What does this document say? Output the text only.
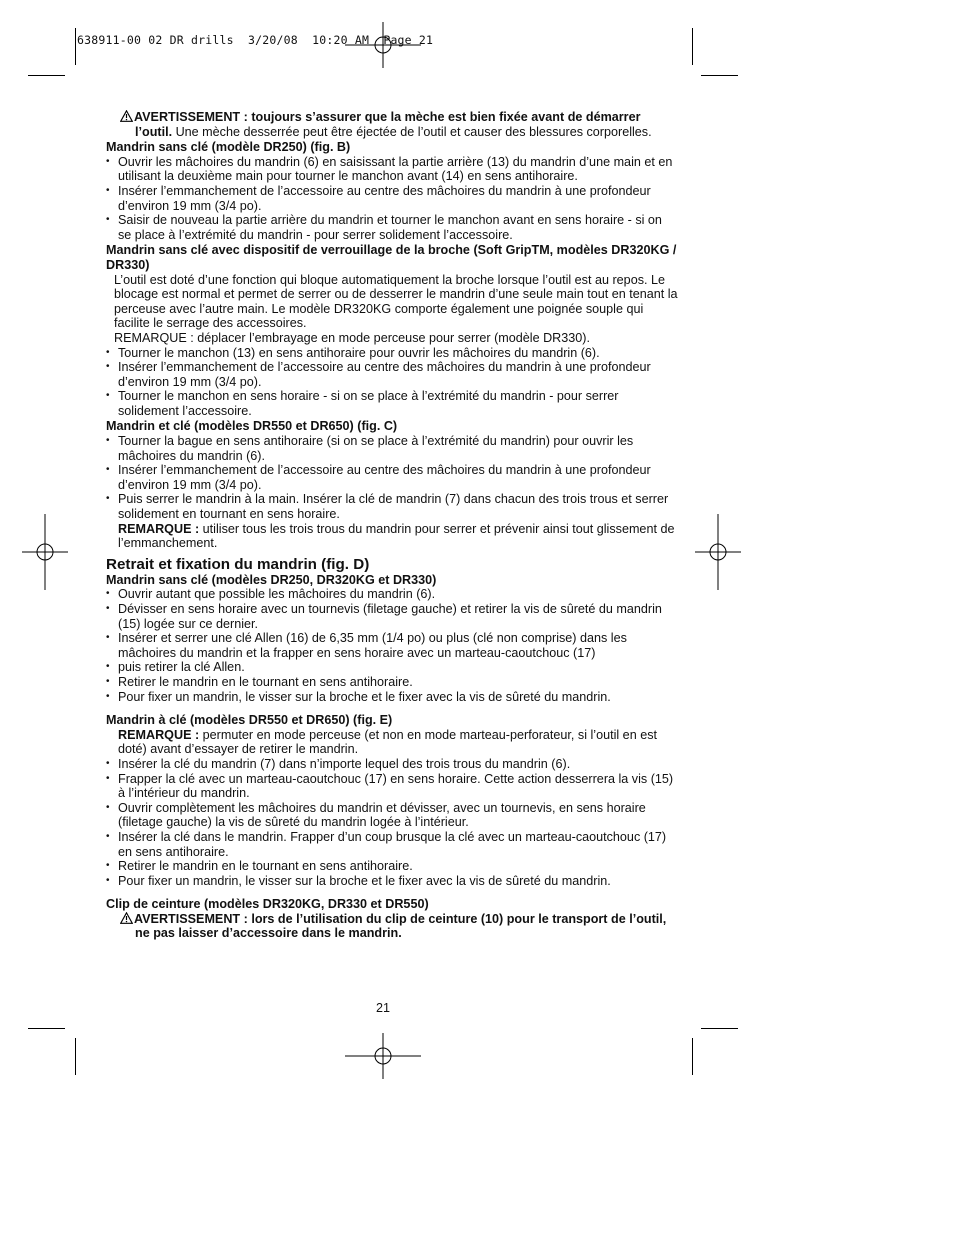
638911-00 02 DR drills  3/20/08  10:20 AM  Page 21

AVERTISSEMENT : toujours s’assurer que la mèche est bien fixée avant de démarrer l’outil. Une mèche desserrée peut être éjectée de l’outil et causer des blessures corporelles.

Mandrin sans clé (modèle DR250) (fig. B)

• Ouvrir les mâchoires du mandrin (6) en saisissant la partie arrière (13) du mandrin d’une main et en utilisant la deuxième main pour tourner le manchon avant (14) en sens antihoraire.
• Insérer l’emmanchement de l’accessoire au centre des mâchoires du mandrin à une profondeur d’environ 19 mm (3/4 po).
• Saisir de nouveau la partie arrière du mandrin et tourner le manchon avant en sens horaire - si on se place à l’extrémité du mandrin - pour serrer solidement l’accessoire.

Mandrin sans clé avec dispositif de verrouillage de la broche (Soft GripTM, modèles DR320KG / DR330)

L’outil est doté d’une fonction qui bloque automatiquement la broche lorsque l’outil est au repos. Le blocage est normal et permet de serrer ou de desserrer le mandrin d’une seule main tout en tenant la perceuse avec l’autre main. Le modèle DR320KG comporte également une poignée souple qui facilite le serrage des accessoires.

REMARQUE : déplacer l’embrayage en mode perceuse pour serrer (modèle DR330).

• Tourner le manchon (13) en sens antihoraire pour ouvrir les mâchoires du mandrin (6).
• Insérer l’emmanchement de l’accessoire au centre des mâchoires du mandrin à une profondeur d’environ 19 mm (3/4 po).
• Tourner le manchon en sens horaire - si on se place à l’extrémité du mandrin - pour serrer solidement l’accessoire.

Mandrin et clé (modèles DR550 et DR650) (fig. C)

• Tourner la bague en sens antihoraire (si on se place à l’extrémité du mandrin) pour ouvrir les mâchoires du mandrin (6).
• Insérer l’emmanchement de l’accessoire au centre des mâchoires du mandrin à une profondeur d’environ 19 mm (3/4 po).
• Puis serrer le mandrin à la main. Insérer la clé de mandrin (7) dans chacun des trois trous et serrer solidement en tournant en sens horaire.

REMARQUE : utiliser tous les trois trous du mandrin pour serrer et prévenir ainsi tout glissement de l’emmanchement.

Retrait et fixation du mandrin (fig. D)

Mandrin sans clé (modèles DR250, DR320KG et DR330)

• Ouvrir autant que possible les mâchoires du mandrin (6).
• Dévisser en sens horaire avec un tournevis (filetage gauche) et retirer la vis de sûreté du mandrin (15) logée sur ce dernier.
• Insérer et serrer une clé Allen (16) de 6,35 mm (1/4 po) ou plus (clé non comprise) dans les mâchoires du mandrin et la frapper en sens horaire avec un marteau-caoutchouc (17)
• puis retirer la clé Allen.
• Retirer le mandrin en le tournant en sens antihoraire.
• Pour fixer un mandrin, le visser sur la broche et le fixer avec la vis de sûreté du mandrin.

Mandrin à clé (modèles DR550 et DR650) (fig. E)

REMARQUE : permuter en mode perceuse (et non en mode marteau-perforateur, si l’outil en est doté) avant d’essayer de retirer le mandrin.

• Insérer la clé du mandrin (7) dans n’importe lequel des trois trous du mandrin (6).
• Frapper la clé avec un marteau-caoutchouc (17) en sens horaire. Cette action desserrera la vis (15) à l’intérieur du mandrin.
• Ouvrir complètement les mâchoires du mandrin et dévisser, avec un tournevis, en sens horaire (filetage gauche) la vis de sûreté du mandrin logée à l’intérieur.
• Insérer la clé dans le mandrin. Frapper d’un coup brusque la clé avec un marteau-caoutchouc (17) en sens antihoraire.
• Retirer le mandrin en le tournant en sens antihoraire.
• Pour fixer un mandrin, le visser sur la broche et le fixer avec la vis de sûreté du mandrin.

Clip de ceinture (modèles DR320KG, DR330 et DR550)

AVERTISSEMENT : lors de l’utilisation du clip de ceinture (10) pour le transport de l’outil, ne pas laisser d’accessoire dans le mandrin.

21
